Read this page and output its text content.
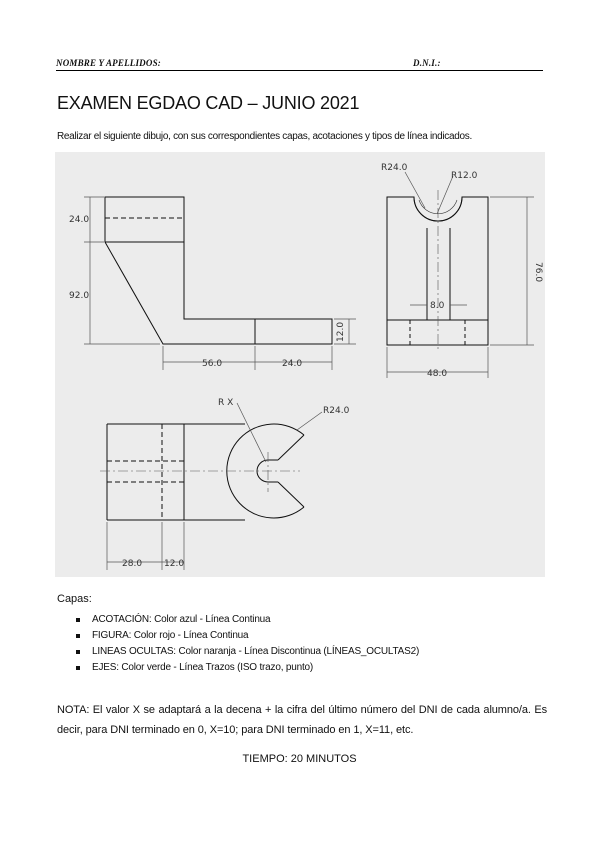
NOMBRE Y APELLIDOS:	D.N.I.:
EXAMEN EGDAO CAD – JUNIO 2021
Realizar el siguiente dibujo, con sus correspondientes capas, acotaciones y tipos de línea indicados.
24.0
92.0
56.0	24.0
12.0
R24.0
R12.0
8.0
76.0
48.0
R X
R24.0
28.0 12.0
Capas:
ACOTACIÓN: Color azul - Línea Continua
FIGURA: Color rojo - Línea Continua
LINEAS OCULTAS: Color naranja - Línea Discontinua (LÍNEAS_OCULTAS2)
EJES: Color verde - Línea Trazos (ISO trazo, punto)
NOTA: El valor X se adaptará a la decena + la cifra del último número del DNI de cada alumno/a. Es decir, para DNI terminado en 0, X=10; para DNI terminado en 1, X=11, etc.
TIEMPO: 20 MINUTOS
